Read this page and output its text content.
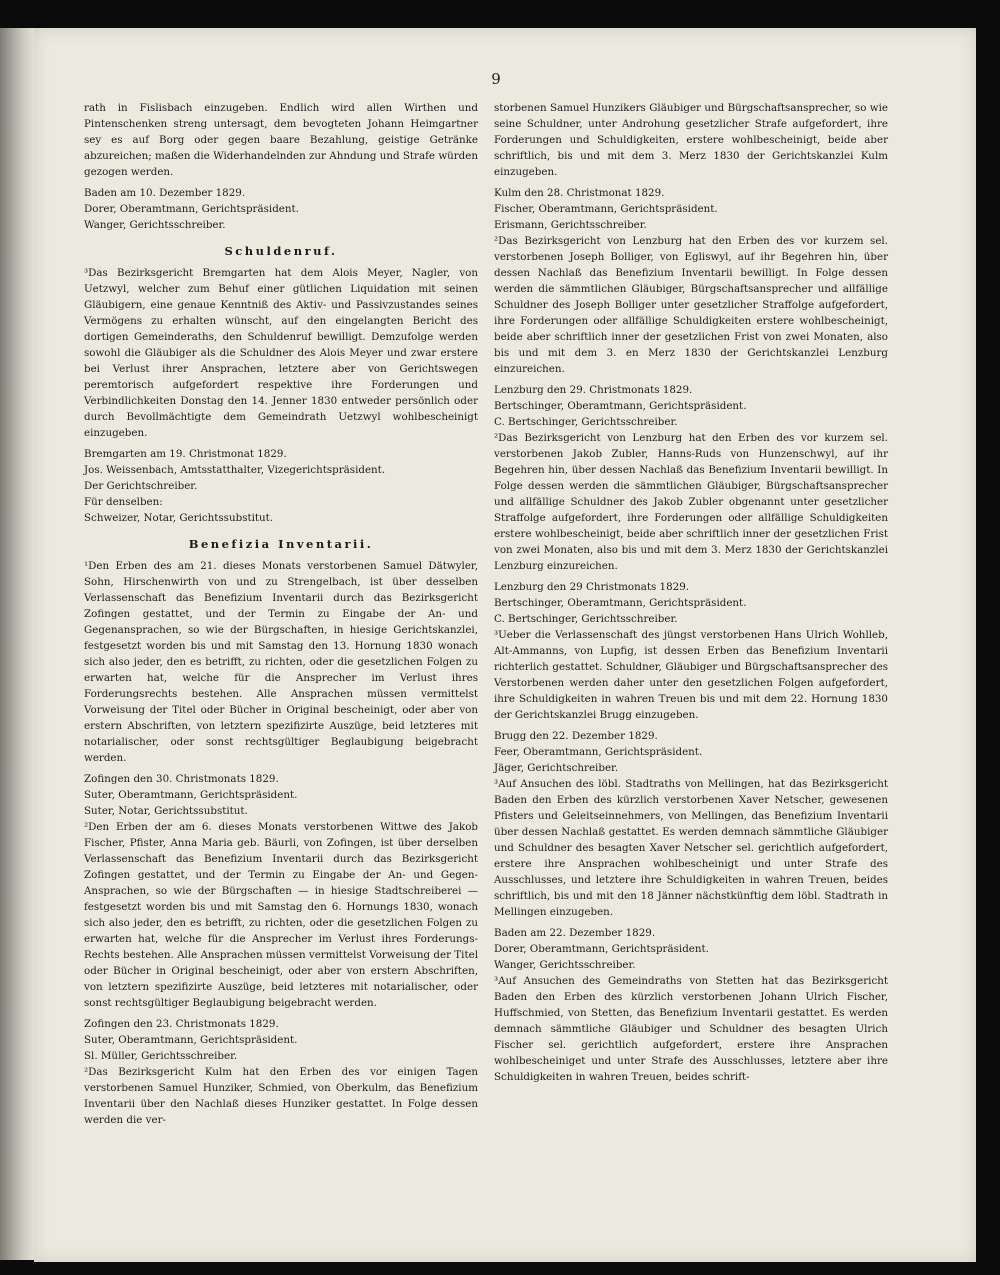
9

rath in Fislisbach einzugeben. Endlich wird allen Wirthen und Pintenschenken streng untersagt, dem bevogteten Johann Heimgartner sey es auf Borg oder gegen baare Bezahlung, geistige Getränke abzureichen; maßen die Widerhandelnden zur Ahndung und Strafe würden gezogen werden.

Baden am 10. Dezember 1829.

Dorer, Oberamtmann, Gerichtspräsident.

Wanger, Gerichtsschreiber.

Schuldenruf.

³Das Bezirksgericht Bremgarten hat dem Alois Meyer, Nagler, von Uetzwyl, welcher zum Behuf einer gütlichen Liquidation mit seinen Gläubigern, eine genaue Kenntniß des Aktiv- und Passivzustandes seines Vermögens zu erhalten wünscht, auf den eingelangten Bericht des dortigen Gemeinderaths, den Schuldenruf bewilligt. Demzufolge werden sowohl die Gläubiger als die Schuldner des Alois Meyer und zwar erstere bei Verlust ihrer Ansprachen, letztere aber von Gerichtswegen peremtorisch aufgefordert respektive ihre Forderungen und Verbindlichkeiten Donstag den 14. Jenner 1830 entweder persönlich oder durch Bevollmächtigte dem Gemeindrath Uetzwyl wohlbescheinigt einzugeben.

Bremgarten am 19. Christmonat 1829.

Jos. Weissenbach, Amtsstatthalter, Vizegerichtspräsident.

Der Gerichtschreiber.

Für denselben:

Schweizer, Notar, Gerichtssubstitut.

Benefizia Inventarii.

¹Den Erben des am 21. dieses Monats verstorbenen Samuel Dätwyler, Sohn, Hirschenwirth von und zu Strengelbach, ist über desselben Verlassenschaft das Benefizium Inventarii durch das Bezirksgericht Zofingen gestattet, und der Termin zu Eingabe der An- und Gegenansprachen, so wie der Bürgschaften, in hiesige Gerichtskanzlei, festgesetzt worden bis und mit Samstag den 13. Hornung 1830 wonach sich also jeder, den es betrifft, zu richten, oder die gesetzlichen Folgen zu erwarten hat, welche für die Ansprecher im Verlust ihres Forderungsrechts bestehen. Alle Ansprachen müssen vermittelst Vorweisung der Titel oder Bücher in Original bescheinigt, oder aber von erstern Abschriften, von letztern spezifizirte Auszüge, beid letzteres mit notarialischer, oder sonst rechtsgültiger Beglaubigung beigebracht werden.

Zofingen den 30. Christmonats 1829.

Suter, Oberamtmann, Gerichtspräsident.

Suter, Notar, Gerichtssubstitut.

²Den Erben der am 6. dieses Monats verstorbenen Wittwe des Jakob Fischer, Pfister, Anna Maria geb. Bäurli, von Zofingen, ist über derselben Verlassenschaft das Benefizium Inventarii durch das Bezirksgericht Zofingen gestattet, und der Termin zu Eingabe der An- und Gegen-Ansprachen, so wie der Bürgschaften — in hiesige Stadtschreiberei — festgesetzt worden bis und mit Samstag den 6. Hornungs 1830, wonach sich also jeder, den es betrifft, zu richten, oder die gesetzlichen Folgen zu erwarten hat, welche für die Ansprecher im Verlust ihres Forderungs-Rechts bestehen. Alle Ansprachen müssen vermittelst Vorweisung der Titel oder Bücher in Original bescheinigt, oder aber von erstern Abschriften, von letztern spezifizirte Auszüge, beid letzteres mit notarialischer, oder sonst rechtsgültiger Beglaubigung beigebracht werden.

Zofingen den 23. Christmonats 1829.

Suter, Oberamtmann, Gerichtspräsident.

Sl. Müller, Gerichtsschreiber.

²Das Bezirksgericht Kulm hat den Erben des vor einigen Tagen verstorbenen Samuel Hunziker, Schmied, von Oberkulm, das Benefizium Inventarii über den Nachlaß dieses Hunziker gestattet. In Folge dessen werden die ver-

storbenen Samuel Hunzikers Gläubiger und Bürgschaftsansprecher, so wie seine Schuldner, unter Androhung gesetzlicher Strafe aufgefordert, ihre Forderungen und Schuldigkeiten, erstere wohlbescheinigt, beide aber schriftlich, bis und mit dem 3. Merz 1830 der Gerichtskanzlei Kulm einzugeben.

Kulm den 28. Christmonat 1829.

Fischer, Oberamtmann, Gerichtspräsident.

Erismann, Gerichtsschreiber.

²Das Bezirksgericht von Lenzburg hat den Erben des vor kurzem sel. verstorbenen Joseph Bolliger, von Egliswyl, auf ihr Begehren hin, über dessen Nachlaß das Benefizium Inventarii bewilligt. In Folge dessen werden die sämmtlichen Gläubiger, Bürgschaftsansprecher und allfällige Schuldner des Joseph Bolliger unter gesetzlicher Straffolge aufgefordert, ihre Forderungen oder allfällige Schuldigkeiten erstere wohlbescheinigt, beide aber schriftlich inner der gesetzlichen Frist von zwei Monaten, also bis und mit dem 3. en Merz 1830 der Gerichtskanzlei Lenzburg einzureichen.

Lenzburg den 29. Christmonats 1829.

Bertschinger, Oberamtmann, Gerichtspräsident.

C. Bertschinger, Gerichtsschreiber.

²Das Bezirksgericht von Lenzburg hat den Erben des vor kurzem sel. verstorbenen Jakob Zubler, Hanns-Ruds von Hunzenschwyl, auf ihr Begehren hin, über dessen Nachlaß das Benefizium Inventarii bewilligt. In Folge dessen werden die sämmtlichen Gläubiger, Bürgschaftsansprecher und allfällige Schuldner des Jakob Zubler obgenannt unter gesetzlicher Straffolge aufgefordert, ihre Forderungen oder allfällige Schuldigkeiten erstere wohlbescheinigt, beide aber schriftlich inner der gesetzlichen Frist von zwei Monaten, also bis und mit dem 3. Merz 1830 der Gerichtskanzlei Lenzburg einzureichen.

Lenzburg den 29 Christmonats 1829.

Bertschinger, Oberamtmann, Gerichtspräsident.

C. Bertschinger, Gerichtsschreiber.

³Ueber die Verlassenschaft des jüngst verstorbenen Hans Ulrich Wohlleb, Alt-Ammanns, von Lupfig, ist dessen Erben das Benefizium Inventarii richterlich gestattet. Schuldner, Gläubiger und Bürgschaftsansprecher des Verstorbenen werden daher unter den gesetzlichen Folgen aufgefordert, ihre Schuldigkeiten in wahren Treuen bis und mit dem 22. Hornung 1830 der Gerichtskanzlei Brugg einzugeben.

Brugg den 22. Dezember 1829.

Feer, Oberamtmann, Gerichtspräsident.

Jäger, Gerichtschreiber.

³Auf Ansuchen des löbl. Stadtraths von Mellingen, hat das Bezirksgericht Baden den Erben des kürzlich verstorbenen Xaver Netscher, gewesenen Pfisters und Geleitseinnehmers, von Mellingen, das Benefizium Inventarii über dessen Nachlaß gestattet. Es werden demnach sämmtliche Gläubiger und Schuldner des besagten Xaver Netscher sel. gerichtlich aufgefordert, erstere ihre Ansprachen wohlbescheinigt und unter Strafe des Ausschlusses, und letztere ihre Schuldigkeiten in wahren Treuen, beides schriftlich, bis und mit den 18 Jänner nächstkünftig dem löbl. Stadtrath in Mellingen einzugeben.

Baden am 22. Dezember 1829.

Dorer, Oberamtmann, Gerichtspräsident.

Wanger, Gerichtsschreiber.

³Auf Ansuchen des Gemeindraths von Stetten hat das Bezirksgericht Baden den Erben des kürzlich verstorbenen Johann Ulrich Fischer, Huffschmied, von Stetten, das Benefizium Inventarii gestattet. Es werden demnach sämmtliche Gläubiger und Schuldner des besagten Ulrich Fischer sel. gerichtlich aufgefordert, erstere ihre Ansprachen wohlbescheiniget und unter Strafe des Ausschlusses, letztere aber ihre Schuldigkeiten in wahren Treuen, beides schrift-
